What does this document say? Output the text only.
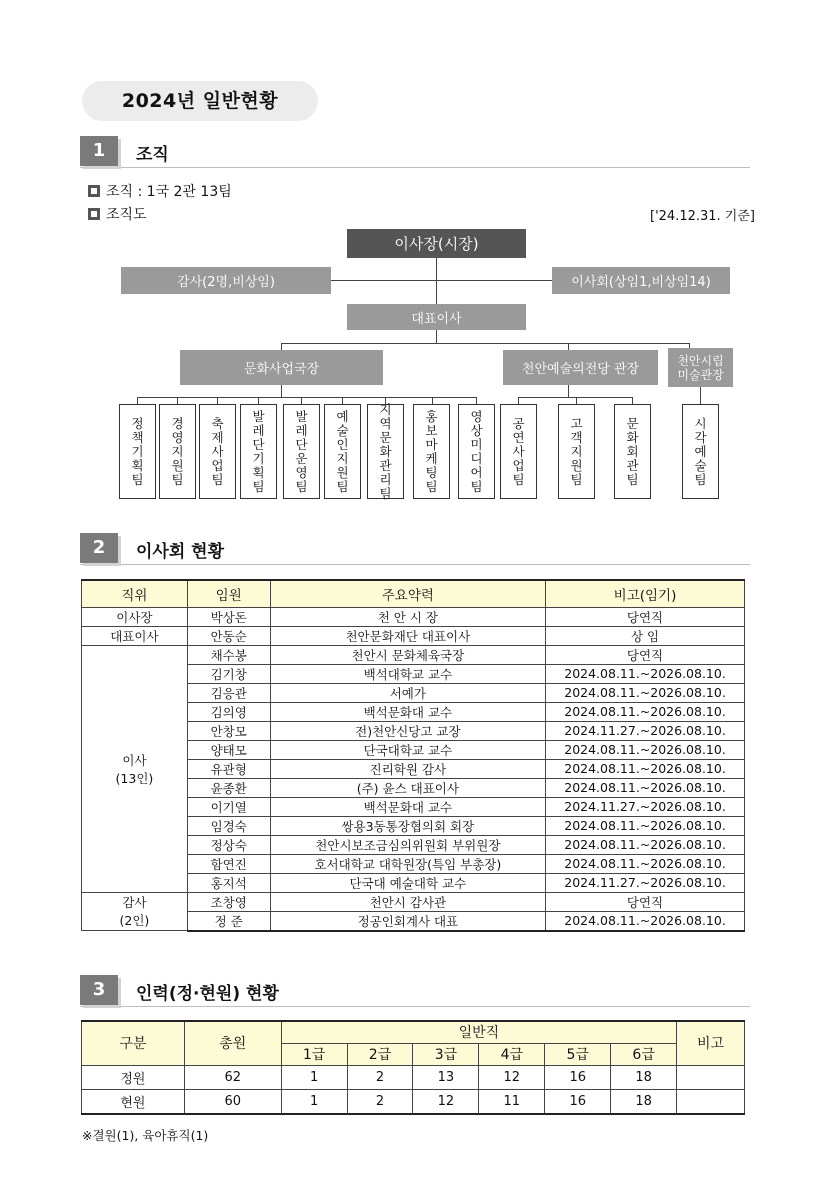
2024년 일반현황
1	조직
조직 : 1국 2관 13팀
조직도	['24.12.31. 기준]
이사장(시장)
감사(2명,비상임)	이사회(상임1,비상임14)
대표이사
문화사업국장	천안예술의전당 관장
천안시립미술관장
정책기획팀
경영지원팀
축제사업팀
발레단기획팀
발레단운영팀
예술인지원팀
지역문화관리팀
홍보마케팅팀
영상미디어팀
공연사업팀
고객지원팀
문화회관팀
시각예술팀
2	이사회 현황
직위	임원	주요약력	비고(임기)
이사장	박상돈	천 안 시 장	당연직
대표이사	안동순	천안문화재단 대표이사	상 임
이사
(13인)	채수봉	천안시 문화체육국장	당연직
	김기창	백석대학교 교수	2024.08.11.~2026.08.10.
	김응관	서예가	2024.08.11.~2026.08.10.
	김의영	백석문화대 교수	2024.08.11.~2026.08.10.
	안창모	전)천안신당고 교장	2024.11.27.~2026.08.10.
	양태모	단국대학교 교수	2024.08.11.~2026.08.10.
	유관형	진리학원 감사	2024.08.11.~2026.08.10.
	윤종환	(주) 윤스 대표이사	2024.08.11.~2026.08.10.
	이기열	백석문화대 교수	2024.11.27.~2026.08.10.
	임경숙	쌍용3동통장협의회 회장	2024.08.11.~2026.08.10.
	정상숙	천안시보조금심의위원회 부위원장	2024.08.11.~2026.08.10.
	함연진	호서대학교 대학원장(특임 부총장)	2024.08.11.~2026.08.10.
	홍지석	단국대 예술대학 교수	2024.11.27.~2026.08.10.
감사
(2인)	조창영	천안시 감사관	당연직
	정 준	정공인회계사 대표	2024.08.11.~2026.08.10.
3	인력(정·현원) 현황
구분	총원	일반직						비고
		1급	2급	3급	4급	5급	6급	
정원	62	1	2	13	12	16	18	
현원	60	1	2	12	11	16	18	
※결원(1), 육아휴직(1)
